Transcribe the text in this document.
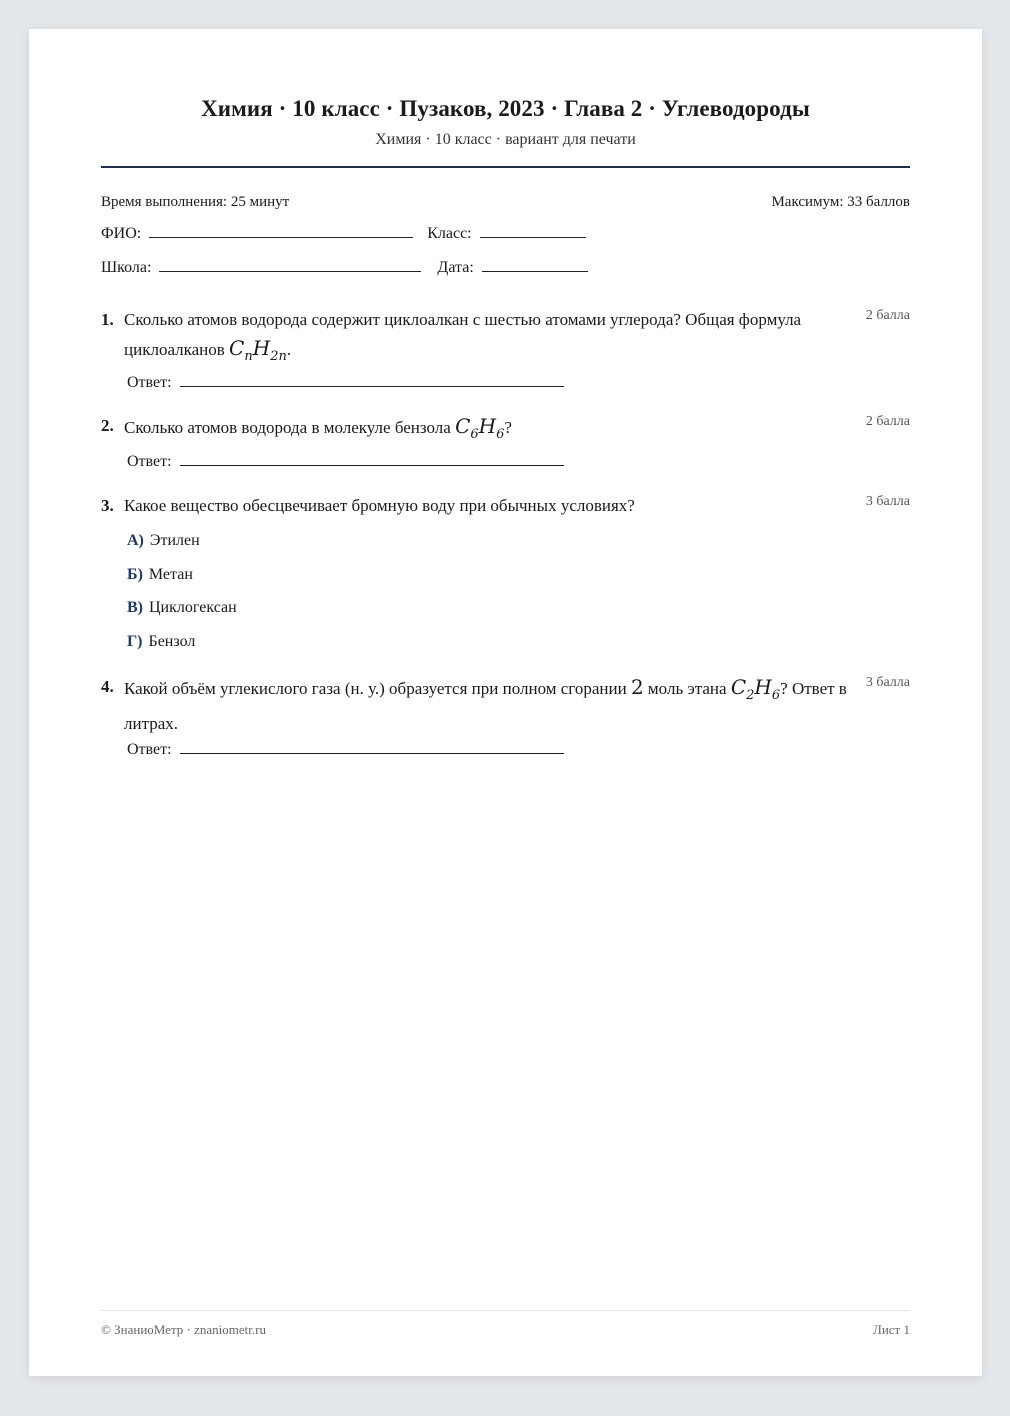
Химия · 10 класс · Пузаков, 2023 · Глава 2 · Углеводороды
Химия · 10 класс · вариант для печати
Время выполнения: 25 минут	Максимум: 33 баллов
ФИО:	Класс:
Школа:	Дата:
1. Сколько атомов водорода содержит циклоалкан с шестью атомами углерода? Общая формула циклоалканов $C_nH_{2n}$.
2 балла
Ответ:
2. Сколько атомов водорода в молекуле бензола $C_6H_6$?	2 балла
Ответ:
3. Какое вещество обесцвечивает бромную воду при обычных условиях?	3 балла
А) Этилен
Б) Метан
В) Циклогексан
Г) Бензол
4. Какой объём углекислого газа (н. у.) образуется при полном сгорании 2 моль этана $C_2H_6$? Ответ в литрах.
3 балла
Ответ:
© ЗнаниоМетр · znaniometr.ru	Лист 1
